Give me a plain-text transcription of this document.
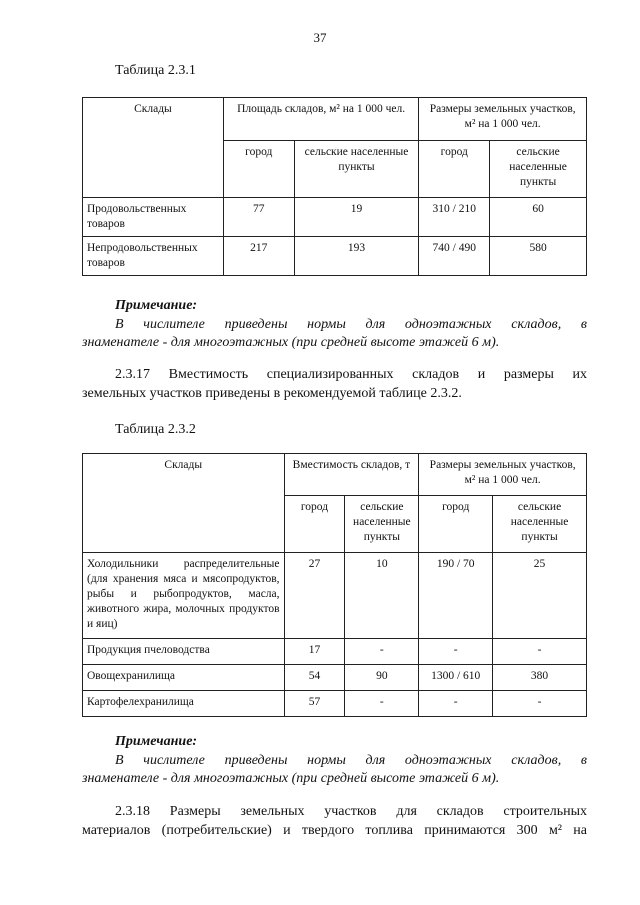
37
Таблица 2.3.1
Склады	Площадь складов, м² на 1 000 чел.		Размеры земельных участков, м² на 1 000 чел.	
	город	сельские населенные пункты	город	сельские населенные пункты
Продовольственных товаров	77	19	310 / 210	60
Непродовольственных товаров	217	193	740 / 490	580
Примечание:
В числителе приведены нормы для одноэтажных складов, в
знаменателе - для многоэтажных (при средней высоте этажей 6 м).
2.3.17 Вместимость специализированных складов и размеры их
земельных участков приведены в рекомендуемой таблице 2.3.2.
Таблица 2.3.2
Склады	Вместимость складов, т		Размеры земельных участков, м² на 1 000 чел.	
	город	сельские населенные пункты	город	сельские населенные пункты
Холодильники распределительные (для хранения мяса и мясопродуктов, рыбы и рыбопродуктов, масла, животного жира, молочных продуктов и яиц)	27	10	190 / 70	25
Продукция пчеловодства	17	-	-	-
Овощехранилища	54	90	1300 / 610	380
Картофелехранилища	57	-	-	-
Примечание:
В числителе приведены нормы для одноэтажных складов, в
знаменателе - для многоэтажных (при средней высоте этажей 6 м).
2.3.18 Размеры земельных участков для складов строительных
материалов (потребительские) и твердого топлива принимаются 300 м² на
